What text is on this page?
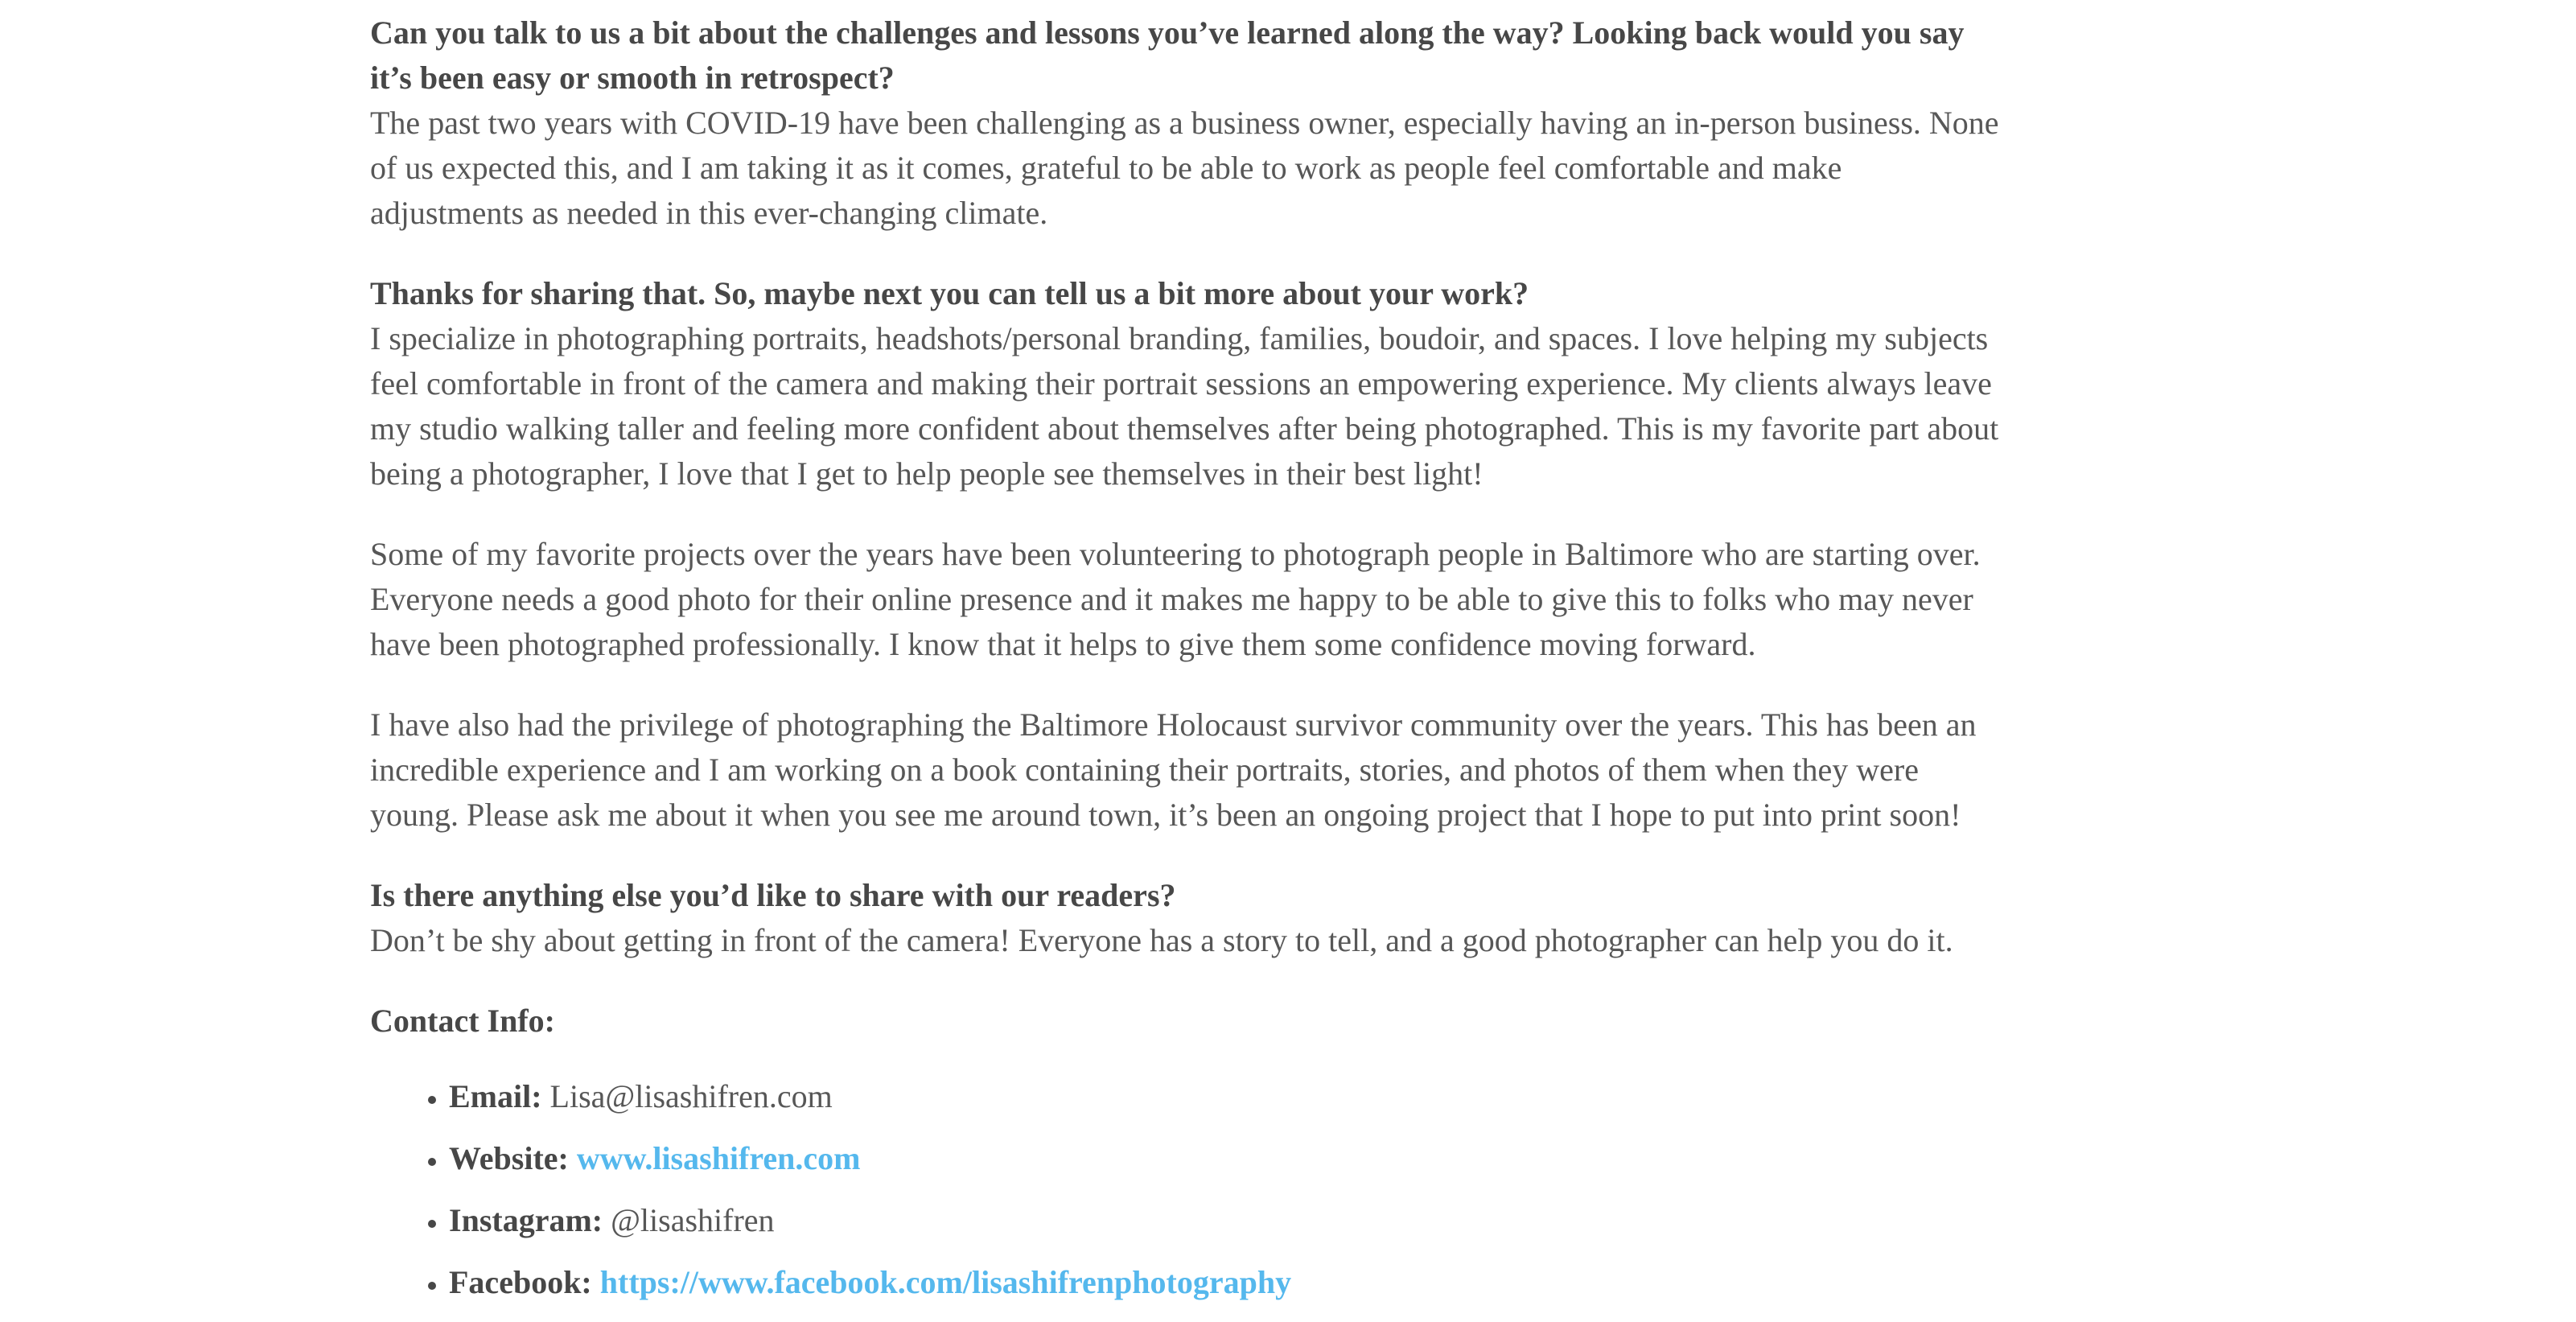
Can you talk to us a bit about the challenges and lessons you’ve learned along the way? Looking back would you say it’s been easy or smooth in retrospect?
The past two years with COVID-19 have been challenging as a business owner, especially having an in-person business. None of us expected this, and I am taking it as it comes, grateful to be able to work as people feel comfortable and make adjustments as needed in this ever-changing climate.

Thanks for sharing that. So, maybe next you can tell us a bit more about your work?
I specialize in photographing portraits, headshots/personal branding, families, boudoir, and spaces. I love helping my subjects feel comfortable in front of the camera and making their portrait sessions an empowering experience. My clients always leave my studio walking taller and feeling more confident about themselves after being photographed. This is my favorite part about being a photographer, I love that I get to help people see themselves in their best light!

Some of my favorite projects over the years have been volunteering to photograph people in Baltimore who are starting over. Everyone needs a good photo for their online presence and it makes me happy to be able to give this to folks who may never have been photographed professionally. I know that it helps to give them some confidence moving forward.

I have also had the privilege of photographing the Baltimore Holocaust survivor community over the years. This has been an incredible experience and I am working on a book containing their portraits, stories, and photos of them when they were young. Please ask me about it when you see me around town, it’s been an ongoing project that I hope to put into print soon!

Is there anything else you’d like to share with our readers?
Don’t be shy about getting in front of the camera! Everyone has a story to tell, and a good photographer can help you do it.

Contact Info:

• Email: Lisa@lisashifren.com
• Website: www.lisashifren.com
• Instagram: @lisashifren
• Facebook: https://www.facebook.com/lisashifrenphotography
